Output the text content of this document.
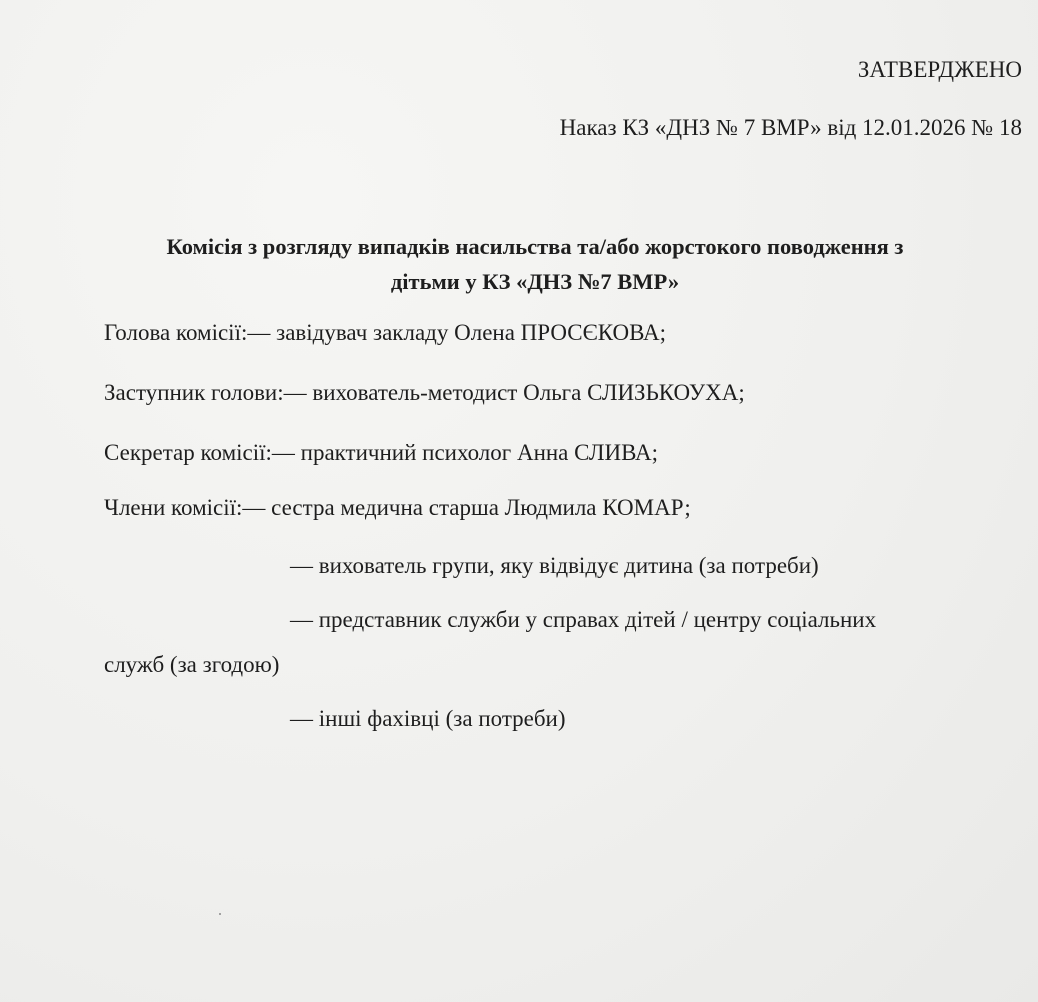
ЗАТВЕРДЖЕНО
Наказ КЗ «ДНЗ № 7 ВМР» від 12.01.2026 № 18
Комісія з розгляду випадків насильства та/або жорстокого поводження з
дітьми у КЗ «ДНЗ №7 ВМР»
Голова комісії:— завідувач закладу Олена ПРОСЄКОВА;
Заступник голови:— вихователь-методист Ольга СЛИЗЬКОУХА;
Секретар комісії:— практичний психолог Анна СЛИВА;
Члени комісії:— сестра медична старша Людмила КОМАР;
— вихователь групи, яку відвідує дитина (за потреби)
— представник служби у справах дітей / центру соціальних
служб (за згодою)
— інші фахівці (за потреби)
